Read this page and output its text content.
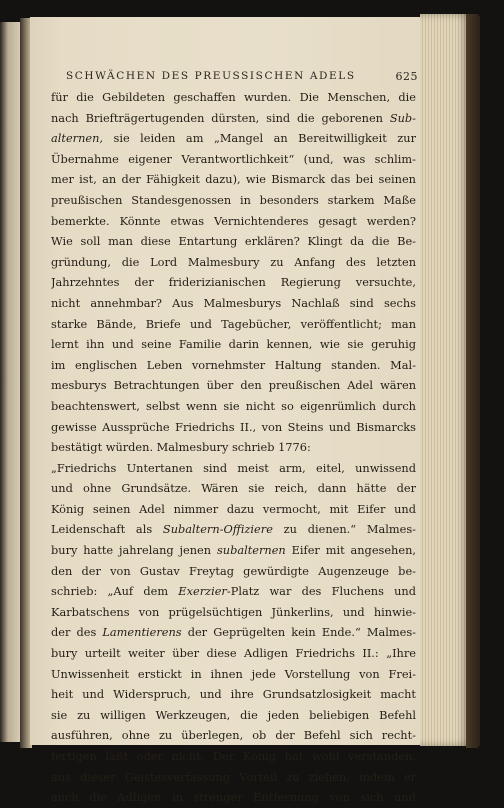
SCHWÄCHEN DES PREUSSISCHEN ADELS	625
für die Gebildeten geschaffen wurden. Die Menschen, die
nach Briefträgertugenden dürsten, sind die geborenen Sub-
alternen, sie leiden am „Mangel an Bereitwilligkeit zur
Übernahme eigener Verantwortlichkeit“ (und, was schlim-
mer ist, an der Fähigkeit dazu), wie Bismarck das bei seinen
preußischen Standesgenossen in besonders starkem Maße
bemerkte. Könnte etwas Vernichtenderes gesagt werden?
Wie soll man diese Entartung erklären? Klingt da die Be-
gründung, die Lord Malmesbury zu Anfang des letzten
Jahrzehntes der friderizianischen Regierung versuchte,
nicht annehmbar? Aus Malmesburys Nachlaß sind sechs
starke Bände, Briefe und Tagebücher, veröffentlicht; man
lernt ihn und seine Familie darin kennen, wie sie geruhig
im englischen Leben vornehmster Haltung standen. Mal-
mesburys Betrachtungen über den preußischen Adel wären
beachtenswert, selbst wenn sie nicht so eigenrümlich durch
gewisse Aussprüche Friedrichs II., von Steins und Bismarcks
bestätigt würden. Malmesbury schrieb 1776:
„Friedrichs Untertanen sind meist arm, eitel, unwissend
und ohne Grundsätze. Wären sie reich, dann hätte der
König seinen Adel nimmer dazu vermocht, mit Eifer und
Leidenschaft als Subaltern-Offiziere zu dienen.“ Malmes-
bury hatte jahrelang jenen subalternen Eifer mit angesehen,
den der von Gustav Freytag gewürdigte Augenzeuge be-
schrieb: „Auf dem Exerzier-Platz war des Fluchens und
Karbatschens von prügelsüchtigen Jünkerlins, und hinwie-
der des Lamentierens der Geprügelten kein Ende.“ Malmes-
bury urteilt weiter über diese Adligen Friedrichs II.: „Ihre
Unwissenheit erstickt in ihnen jede Vorstellung von Frei-
heit und Widerspruch, und ihre Grundsatzlosigkeit macht
sie zu willigen Werkzeugen, die jeden beliebigen Befehl
ausführen, ohne zu überlegen, ob der Befehl sich recht-
fertigen läßt oder nicht. Der König hat wohl verstanden,
aus dieser Geistesverfassung Vorteil zu ziehen, indem er
auch die Adligen in strenger Entfernung von sich und
